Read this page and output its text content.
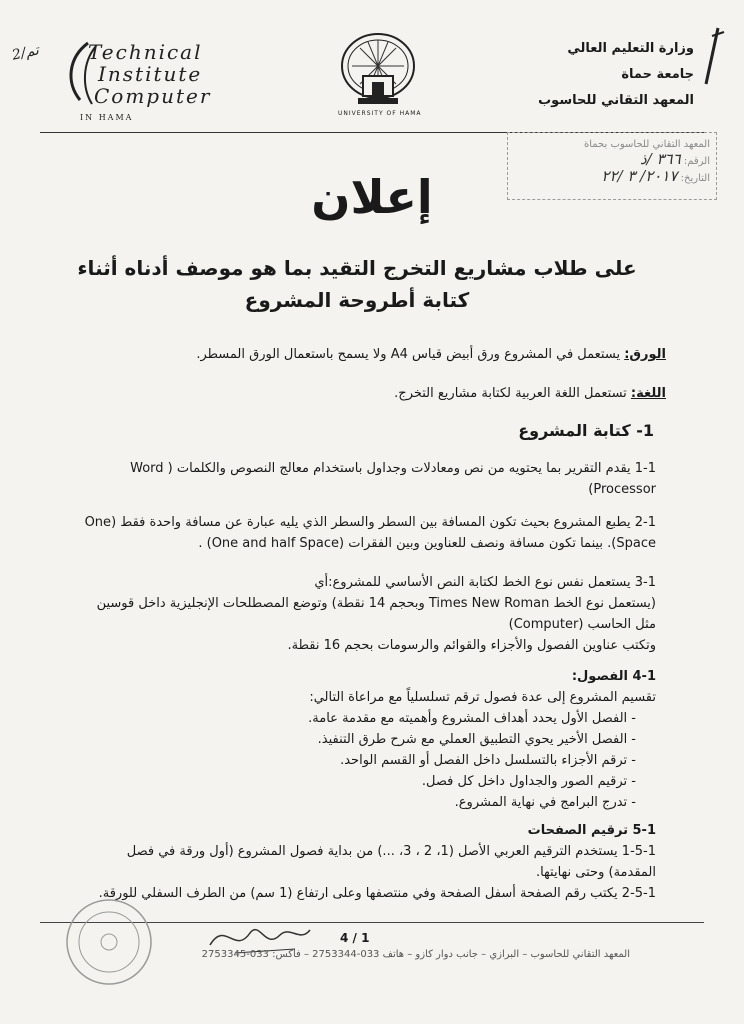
2/تم Technical
Institute
Computer
IN HAMA	UNIVERSITY OF HAMA
وزارة التعليم العالي
جامعة حماة
المعهد التقاني للحاسوب
المعهد التقاني للحاسوب بحماة
الرقم: ٣٦٦ /ذ
التاريخ: ٢٠١٧/ ٣ /٢٢
إعلان
على طلاب مشاريع التخرج التقيد بما هو موصف أدناه أثناء كتابة أطروحة المشروع
الورق: يستعمل في المشروع ورق أبيض قياس A4 ولا يسمح باستعمال الورق المسطر.
اللغة: تستعمل اللغة العربية لكتابة مشاريع التخرج.
1- كتابة المشروع
1-1 يقدم التقرير بما يحتويه من نص ومعادلات وجداول باستخدام معالج النصوص والكلمات ( Word Processor)
2-1 يطبع المشروع بحيث تكون المسافة بين السطر والسطر الذي يليه عبارة عن مسافة واحدة فقط (One Space). بينما تكون مسافة ونصف للعناوين وبين الفقرات (One and half Space) .
3-1 يستعمل نفس نوع الخط لكتابة النص الأساسي للمشروع:أي
(يستعمل نوع الخط Times New Roman وبحجم 14 نقطة) وتوضع المصطلحات الإنجليزية داخل قوسين مثل الحاسب (Computer)
وتكتب عناوين الفصول والأجزاء والقوائم والرسومات بحجم 16 نقطة.
4-1 الفصول:
تقسيم المشروع إلى عدة فصول ترقم تسلسلياً مع مراعاة التالي:
- الفصل الأول يحدد أهداف المشروع وأهميته مع مقدمة عامة.
- الفصل الأخير يحوي التطبيق العملي مع شرح طرق التنفيذ.
- ترقم الأجزاء بالتسلسل داخل الفصل أو القسم الواحد.
- ترقيم الصور والجداول داخل كل فصل.
- تدرج البرامج في نهاية المشروع.
5-1 ترقيم الصفحات
1-5-1 يستخدم الترقيم العربي الأصل (1، 2 ، 3، ...) من بداية فصول المشروع (أول ورقة في فصل المقدمة) وحتى نهايتها.
2-5-1 يكتب رقم الصفحة أسفل الصفحة وفي منتصفها وعلى ارتفاع (1 سم) من الطرف السفلي للورقة.
4 / 1
المعهد التقاني للحاسوب – البرازي – جانب دوار كازو – هاتف 033-2753344 – فاكس: 033-2753345
